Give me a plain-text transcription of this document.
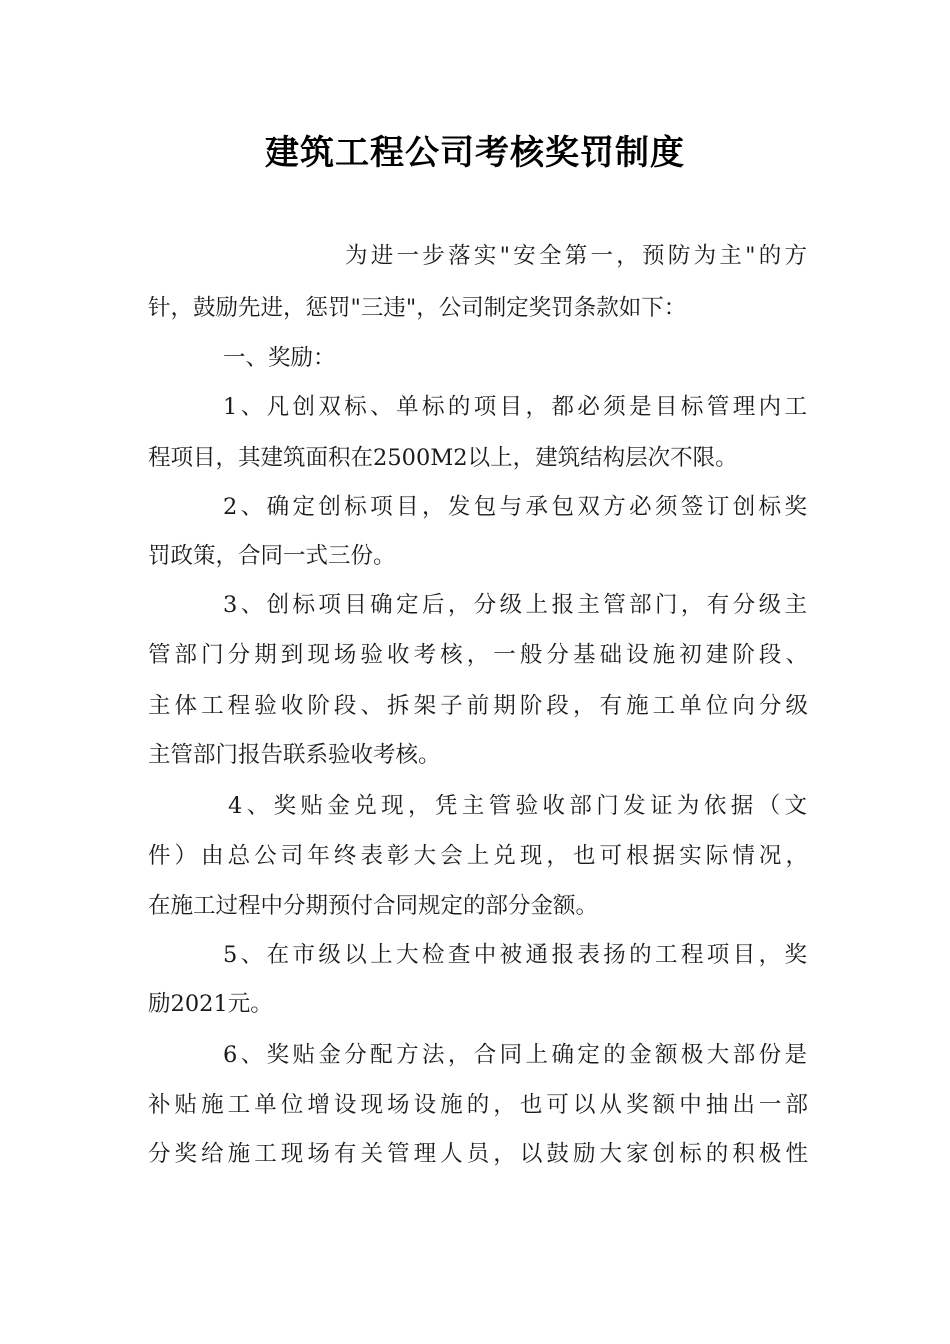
建筑工程公司考核奖罚制度
为进一步落实"安全第一，预防为主"的方
针，鼓励先进，惩罚"三违"，公司制定奖罚条款如下：
一、奖励：
1、凡创双标、单标的项目，都必须是目标管理内工
程项目，其建筑面积在2500M2以上，建筑结构层次不限。
2、确定创标项目，发包与承包双方必须签订创标奖
罚政策，合同一式三份。
3、创标项目确定后，分级上报主管部门，有分级主
管部门分期到现场验收考核，一般分基础设施初建阶段、
主体工程验收阶段、拆架子前期阶段，有施工单位向分级
主管部门报告联系验收考核。
4、奖贴金兑现，凭主管验收部门发证为依据（文
件）由总公司年终表彰大会上兑现，也可根据实际情况，
在施工过程中分期预付合同规定的部分金额。
5、在市级以上大检查中被通报表扬的工程项目，奖
励2021元。
6、奖贴金分配方法，合同上确定的金额极大部份是
补贴施工单位增设现场设施的，也可以从奖额中抽出一部
分奖给施工现场有关管理人员，以鼓励大家创标的积极性
